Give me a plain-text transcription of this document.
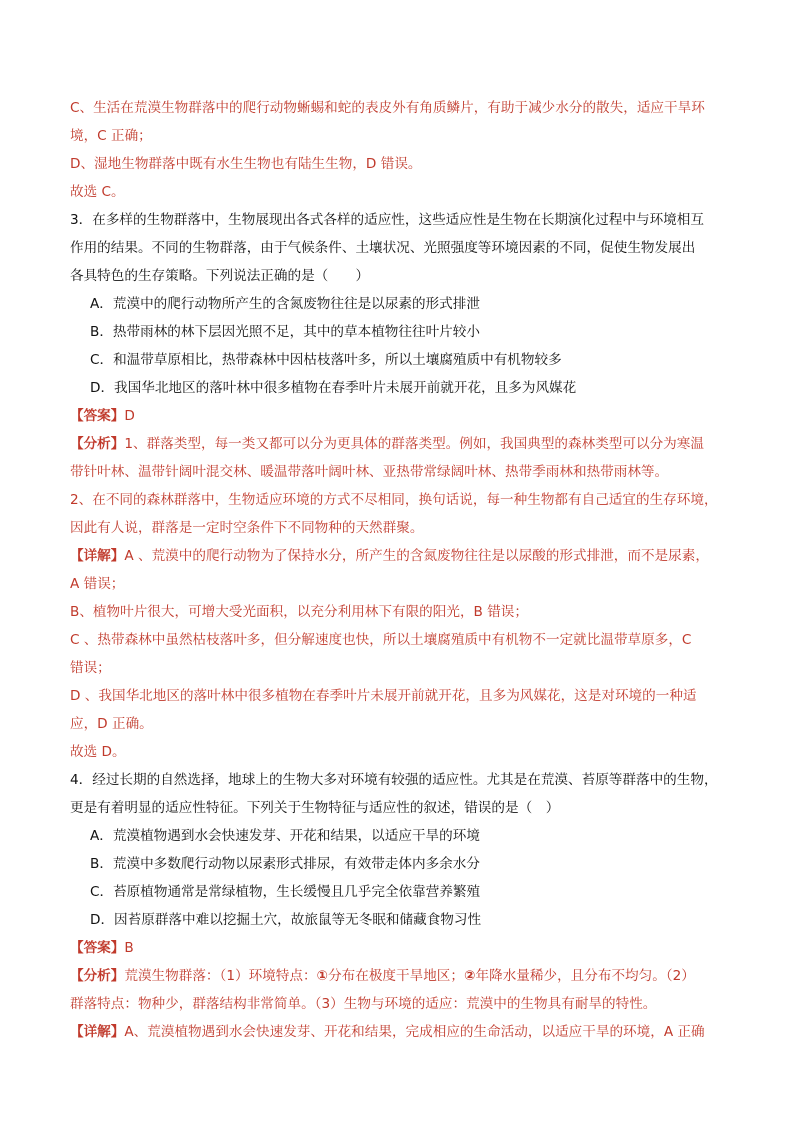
C、生活在荒漠生物群落中的爬行动物蜥蜴和蛇的表皮外有角质鳞片，有助于减少水分的散失，适应干旱环
境，C 正确；
D、湿地生物群落中既有水生生物也有陆生生物，D 错误。
故选 C。
3．在多样的生物群落中，生物展现出各式各样的适应性，这些适应性是生物在长期演化过程中与环境相互
作用的结果。不同的生物群落，由于气候条件、土壤状况、光照强度等环境因素的不同，促使生物发展出
各具特色的生存策略。下列说法正确的是（　　）
A．荒漠中的爬行动物所产生的含氮废物往往是以尿素的形式排泄
B．热带雨林的林下层因光照不足，其中的草本植物往往叶片较小
C．和温带草原相比，热带森林中因枯枝落叶多，所以土壤腐殖质中有机物较多
D．我国华北地区的落叶林中很多植物在春季叶片未展开前就开花，且多为风媒花
【答案】D
【分析】1、群落类型，每一类又都可以分为更具体的群落类型。例如，我国典型的森林类型可以分为寒温
带针叶林、温带针阔叶混交林、暖温带落叶阔叶林、亚热带常绿阔叶林、热带季雨林和热带雨林等。
2、在不同的森林群落中，生物适应环境的方式不尽相同，换句话说，每一种生物都有自己适宜的生存环境，
因此有人说，群落是一定时空条件下不同物种的天然群聚。
【详解】A 、荒漠中的爬行动物为了保持水分，所产生的含氮废物往往是以尿酸的形式排泄，而不是尿素，
A 错误；
B、植物叶片很大，可增大受光面积，以充分利用林下有限的阳光，B 错误；
C 、热带森林中虽然枯枝落叶多，但分解速度也快，所以土壤腐殖质中有机物不一定就比温带草原多，C
错误；
D 、我国华北地区的落叶林中很多植物在春季叶片未展开前就开花，且多为风媒花，这是对环境的一种适
应，D 正确。
故选 D。
4．经过长期的自然选择，地球上的生物大多对环境有较强的适应性。尤其是在荒漠、苔原等群落中的生物，
更是有着明显的适应性特征。下列关于生物特征与适应性的叙述，错误的是（　）
A．荒漠植物遇到水会快速发芽、开花和结果，以适应干旱的环境
B．荒漠中多数爬行动物以尿素形式排尿，有效带走体内多余水分
C．苔原植物通常是常绿植物，生长缓慢且几乎完全依靠营养繁殖
D．因苔原群落中难以挖掘土穴，故旅鼠等无冬眠和储藏食物习性
【答案】B
【分析】荒漠生物群落：（1）环境特点：①分布在极度干旱地区；②年降水量稀少，且分布不均匀。（2）
群落特点：物种少，群落结构非常简单。（3）生物与环境的适应：荒漠中的生物具有耐旱的特性。
【详解】A、荒漠植物遇到水会快速发芽、开花和结果，完成相应的生命活动，以适应干旱的环境，A 正确
